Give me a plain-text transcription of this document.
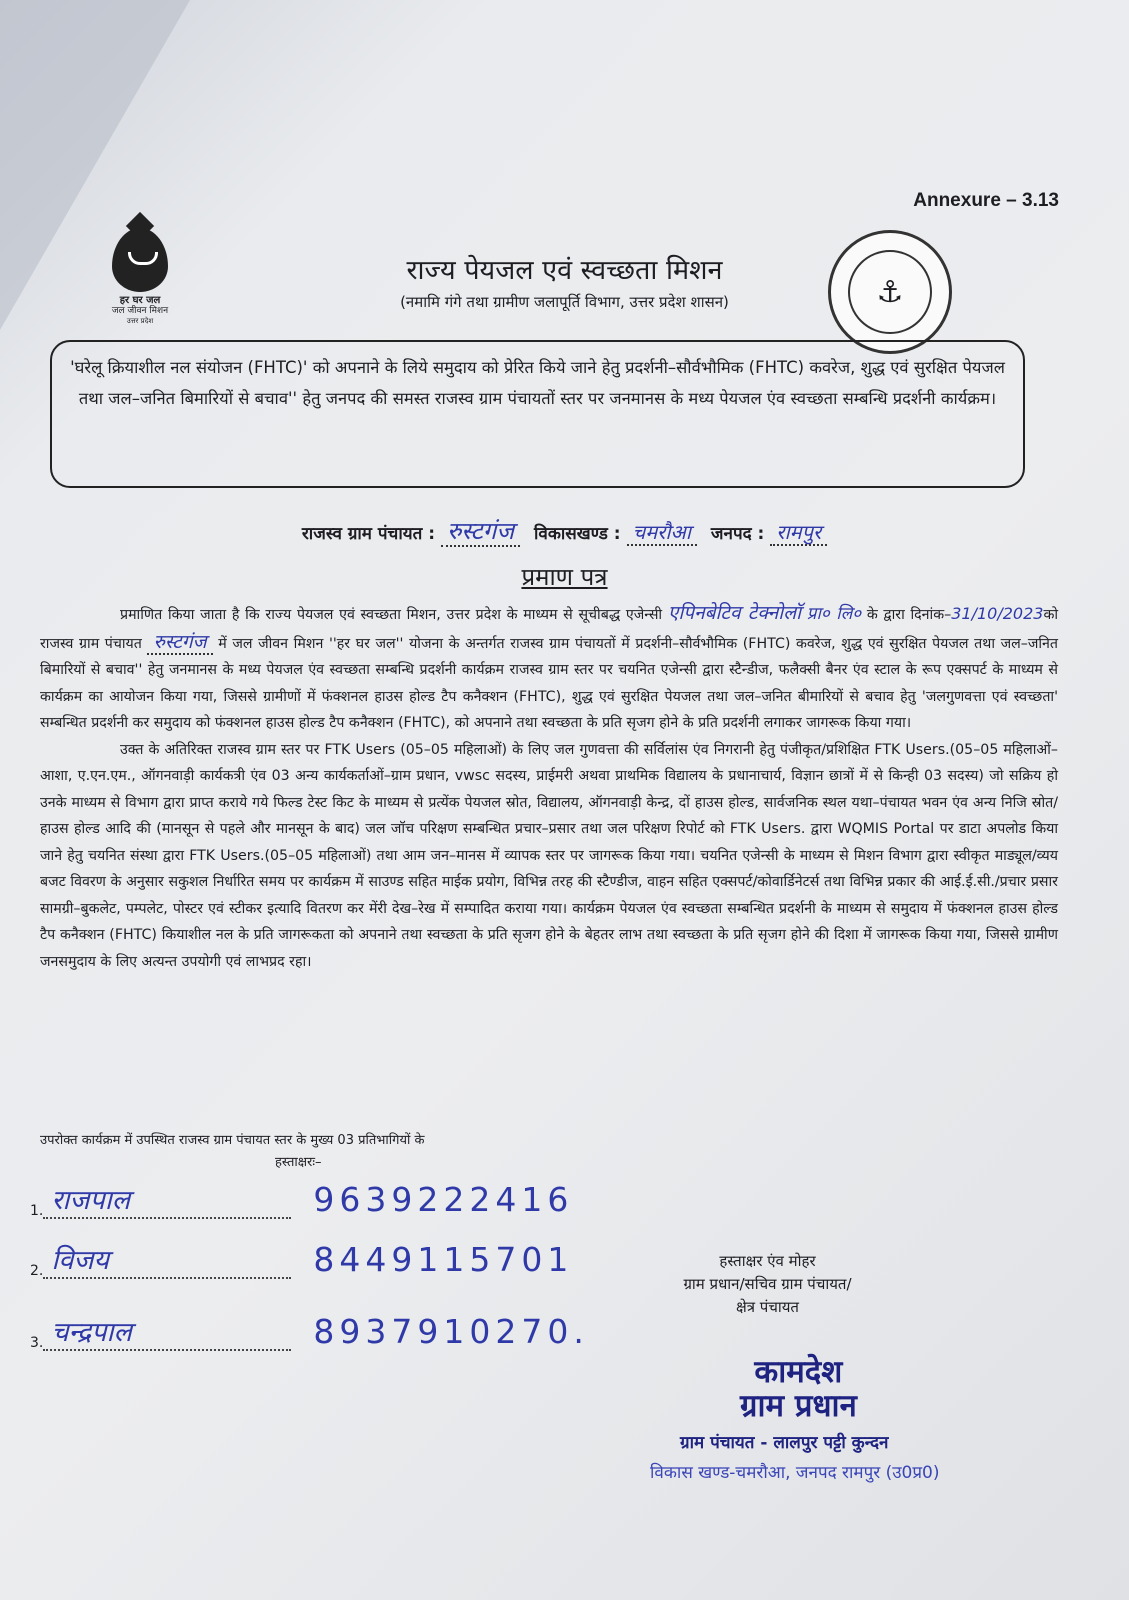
Annexure – 3.13
हर घर जल
जल जीवन मिशन
उत्तर प्रदेश
⚓
राज्य पेयजल एवं स्वच्छता मिशन
(नमामि गंगे तथा ग्रामीण जलापूर्ति विभाग, उत्तर प्रदेश शासन)
'घरेलू क्रियाशील नल संयोजन (FHTC)' को अपनाने के लिये समुदाय को प्रेरित किये जाने हेतु प्रदर्शनी–सौर्वभौमिक (FHTC) कवरेज, शुद्ध एवं सुरक्षित पेयजल तथा जल–जनित बिमारियों से बचाव'' हेतु जनपद की समस्त राजस्व ग्राम पंचायतों स्तर पर जनमानस के मध्य पेयजल एंव स्वच्छता सम्बन्धि प्रदर्शनी कार्यक्रम।
राजस्व ग्राम पंचायत : रुस्टगंज विकासखण्ड : चमरौआ जनपद : रामपुर
प्रमाण पत्र

प्रमाणित किया जाता है कि राज्य पेयजल एवं स्वच्छता मिशन, उत्तर प्रदेश के माध्यम से सूचीबद्ध एजेन्सी एपिनबेटिव टेक्नोलॉ प्रा० लि० के द्वारा दिनांक–31/10/2023को राजस्व ग्राम पंचायत रुस्टगंज में जल जीवन मिशन ''हर घर जल'' योजना के अन्तर्गत राजस्व ग्राम पंचायतों में प्रदर्शनी–सौर्वभौमिक (FHTC) कवरेज, शुद्ध एवं सुरक्षित पेयजल तथा जल–जनित बिमारियों से बचाव'' हेतु जनमानस के मध्य पेयजल एंव स्वच्छता सम्बन्धि प्रदर्शनी कार्यक्रम राजस्व ग्राम स्तर पर चयनित एजेन्सी द्वारा स्टैन्डीज, फलैक्सी बैनर एंव स्टाल के रूप एक्सपर्ट के माध्यम से कार्यक्रम का आयोजन किया गया, जिससे ग्रामीणों में फंक्शनल हाउस होल्ड टैप कनैक्शन (FHTC), शुद्ध एवं सुरक्षित पेयजल तथा जल–जनित बीमारियों से बचाव हेतु 'जलगुणवत्ता एवं स्वच्छता' सम्बन्धित प्रदर्शनी कर समुदाय को फंक्शनल हाउस होल्ड टैप कनैक्शन (FHTC), को अपनाने तथा स्वच्छता के प्रति सृजग होने के प्रति प्रदर्शनी लगाकर जागरूक किया गया।

उक्त के अतिरिक्त राजस्व ग्राम स्तर पर FTK Users (05–05 महिलाओं) के लिए जल गुणवत्ता की सर्विलांस एंव निगरानी हेतु पंजीकृत/प्रशिक्षित FTK Users.(05–05 महिलाओं–आशा, ए.एन.एम., ऑगनवाड़ी कार्यकत्री एंव 03 अन्य कार्यकर्ताओं–ग्राम प्रधान, vwsc सदस्य, प्राईमरी अथवा प्राथमिक विद्यालय के प्रधानाचार्य, विज्ञान छात्रों में से किन्ही 03 सदस्य) जो सक्रिय हो उनके माध्यम से विभाग द्वारा प्राप्त कराये गये फिल्ड टेस्ट किट के माध्यम से प्रत्येंक पेयजल स्रोत, विद्यालय, ऑगनवाड़ी केन्द्र, दों हाउस होल्ड, सार्वजनिक स्थल यथा–पंचायत भवन एंव अन्य निजि स्रोत/हाउस होल्ड आदि की (मानसून से पहले और मानसून के बाद) जल जॉच परिक्षण सम्बन्धित प्रचार–प्रसार तथा जल परिक्षण रिपोर्ट को FTK Users. द्वारा WQMIS Portal पर डाटा अपलोड किया जाने हेतु चयनित संस्था द्वारा FTK Users.(05–05 महिलाओं) तथा आम जन–मानस में व्यापक स्तर पर जागरूक किया गया। चयनित एजेन्सी के माध्यम से मिशन विभाग द्वारा स्वीकृत माड्यूल/व्यय बजट विवरण के अनुसार सकुशल निर्धारित समय पर कार्यक्रम में साउण्ड सहित माईक प्रयोग, विभिन्न तरह की स्टैण्डीज, वाहन सहित एक्सपर्ट/कोवार्डिनेटर्स तथा विभिन्न प्रकार की आई.ई.सी./प्रचार प्रसार सामग्री–बुकलेट, पम्पलेट, पोस्टर एवं स्टीकर इत्यादि वितरण कर मेंरी देख–रेख में सम्पादित कराया गया। कार्यक्रम पेयजल एंव स्वच्छता सम्बन्धित प्रदर्शनी के माध्यम से समुदाय में फंक्शनल हाउस होल्ड टैप कनैक्शन (FHTC) कियाशील नल के प्रति जागरूकता को अपनाने तथा स्वच्छता के प्रति सृजग होने के बेहतर लाभ तथा स्वच्छता के प्रति सृजग होने की दिशा में जागरूक किया गया, जिससे ग्रामीण जनसमुदाय के लिए अत्यन्त उपयोगी एवं लाभप्रद रहा।

उपरोक्त कार्यक्रम में उपस्थित राजस्व ग्राम पंचायत स्तर के मुख्य 03 प्रतिभागियों के
हस्ताक्षरः–
1. राजपाल	9639222416
2. विजय	8449115701
3. चन्द्रपाल	8937910270.
हस्ताक्षर एंव मोहर
ग्राम प्रधान/सचिव ग्राम पंचायत/
क्षेत्र पंचायत
कामदेश
ग्राम प्रधान
ग्राम पंचायत - लालपुर पट्टी कुन्दन
विकास खण्ड-चमरौआ, जनपद रामपुर (उ0प्र0)
